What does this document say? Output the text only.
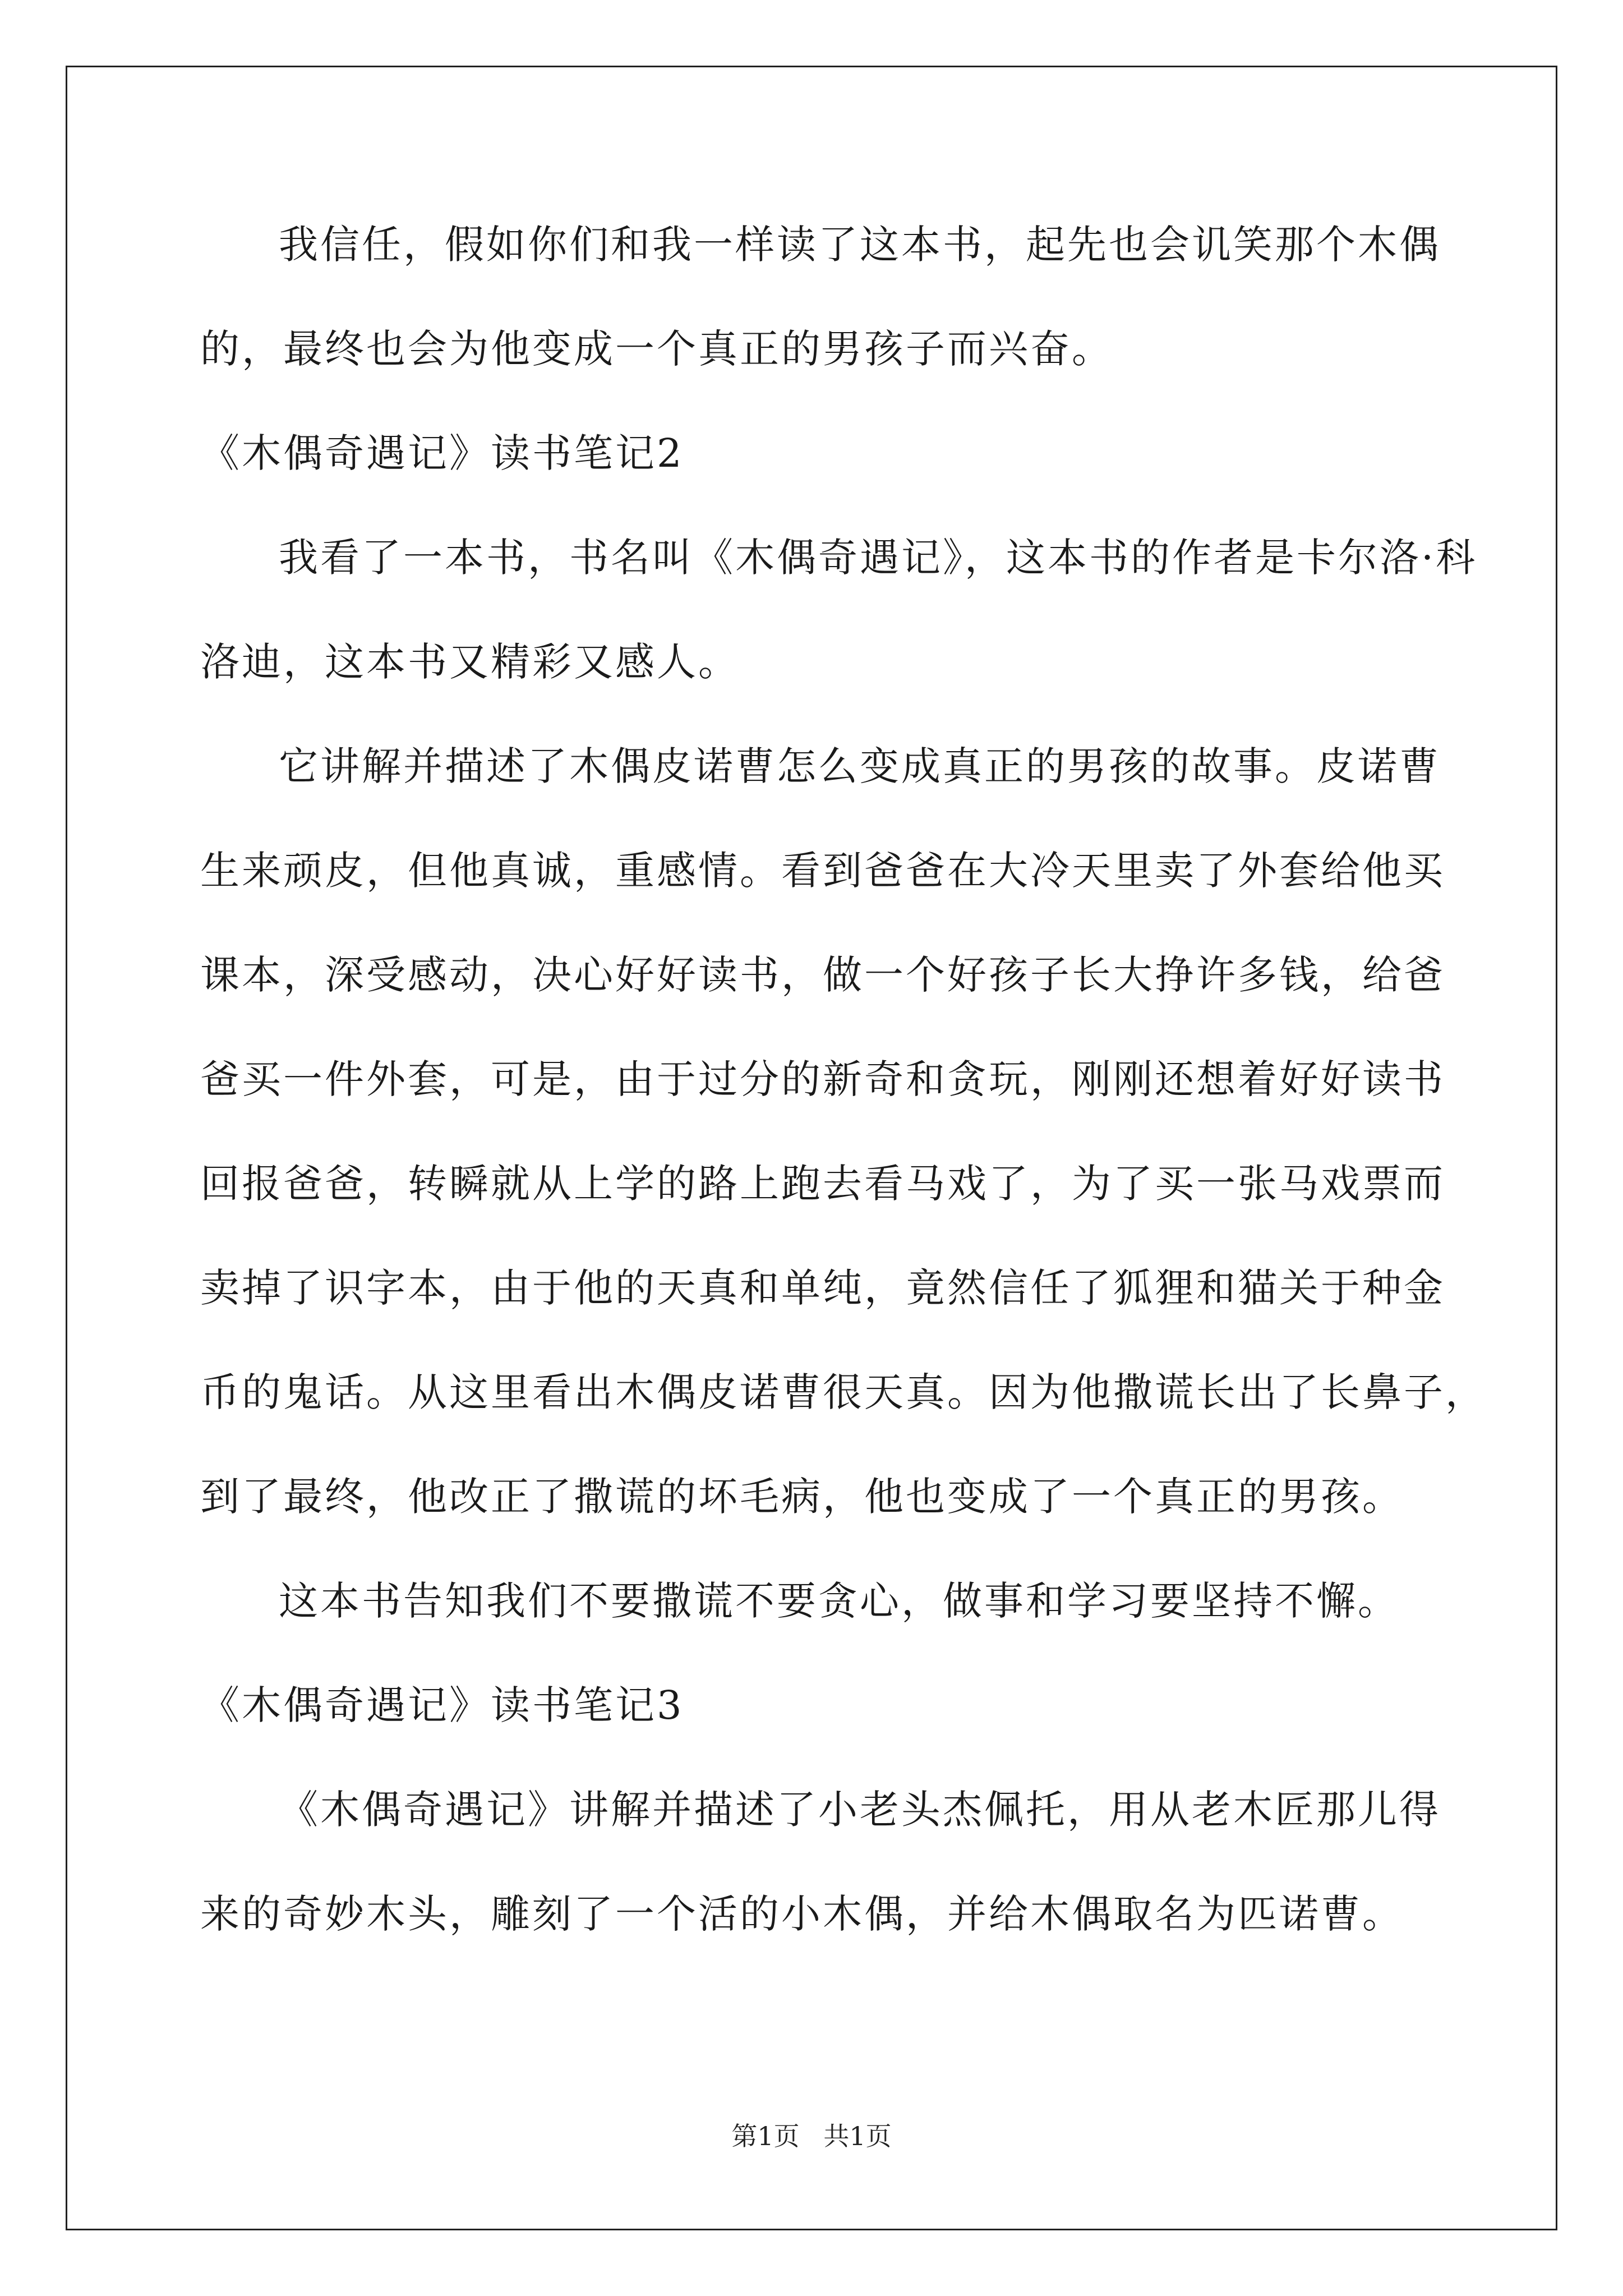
我信任，假如你们和我一样读了这本书，起先也会讥笑那个木偶
的，最终也会为他变成一个真正的男孩子而兴奋。
《木偶奇遇记》读书笔记2
我看了一本书，书名叫《木偶奇遇记》，这本书的作者是卡尔洛·科
洛迪，这本书又精彩又感人。
它讲解并描述了木偶皮诺曹怎么变成真正的男孩的故事。皮诺曹
生来顽皮，但他真诚，重感情。看到爸爸在大冷天里卖了外套给他买
课本，深受感动，决心好好读书，做一个好孩子长大挣许多钱，给爸
爸买一件外套，可是，由于过分的新奇和贪玩，刚刚还想着好好读书
回报爸爸，转瞬就从上学的路上跑去看马戏了，为了买一张马戏票而
卖掉了识字本，由于他的天真和单纯，竟然信任了狐狸和猫关于种金
币的鬼话。从这里看出木偶皮诺曹很天真。因为他撒谎长出了长鼻子，
到了最终，他改正了撒谎的坏毛病，他也变成了一个真正的男孩。
这本书告知我们不要撒谎不要贪心，做事和学习要坚持不懈。
《木偶奇遇记》读书笔记3
《木偶奇遇记》讲解并描述了小老头杰佩托，用从老木匠那儿得
来的奇妙木头，雕刻了一个活的小木偶，并给木偶取名为匹诺曹。
第1页 共1页
